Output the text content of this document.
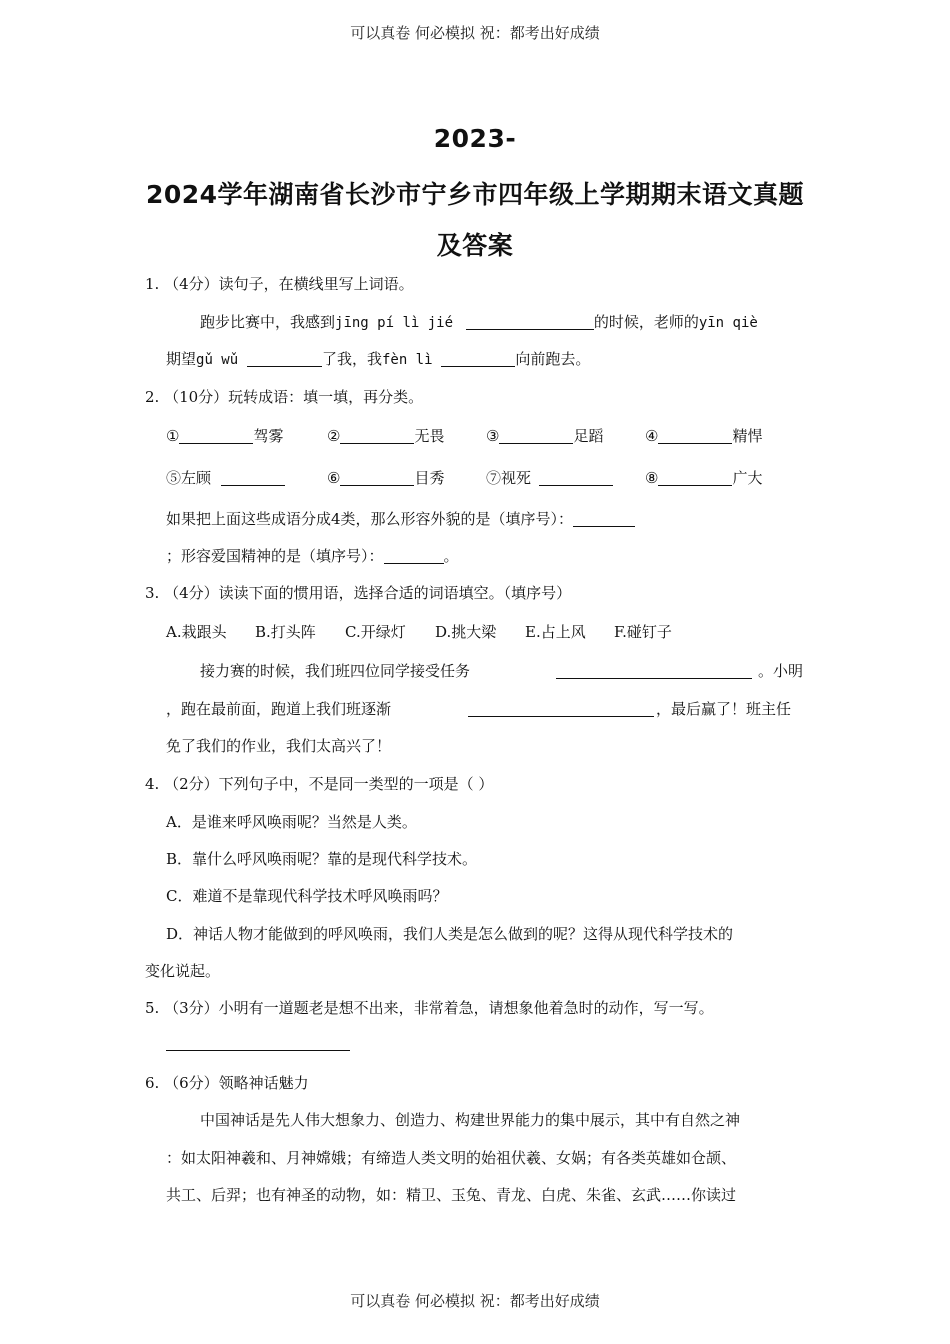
可以真卷 何必模拟 祝：都考出好成绩
可以真卷 何必模拟 祝：都考出好成绩
2023-
2024学年湖南省长沙市宁乡市四年级上学期期末语文真题
及答案
1. （4分）读句子，在横线里写上词语。
跑步比赛中，我感到jīng pí lì jié	的时候，老师的yīn qiè
期望gǔ wǔ	了我，我fèn lì	向前跑去。
2. （10分）玩转成语：填一填，再分类。
①	驾雾	②	无畏	③	足蹈	④	精悍
⑤左顾	⑥	目秀	⑦视死	⑧	广大
如果把上面这些成语分成4类，那么形容外貌的是（填序号）：
；形容爱国精神的是（填序号）：	。
3. （4分）读读下面的惯用语，选择合适的词语填空。（填序号）
A.栽跟头 B.打头阵 C.开绿灯 D.挑大梁 E.占上风 F.碰钉子
接力赛的时候，我们班四位同学接受任务	。小明
，跑在最前面，跑道上我们班逐渐	，最后赢了！班主任
免了我们的作业，我们太高兴了！
4. （2分）下列句子中，不是同一类型的一项是（ ）
A．是谁来呼风唤雨呢？当然是人类。
B．靠什么呼风唤雨呢？靠的是现代科学技术。
C．难道不是靠现代科学技术呼风唤雨吗？
D．神话人物才能做到的呼风唤雨，我们人类是怎么做到的呢？这得从现代科学技术的
变化说起。
5. （3分）小明有一道题老是想不出来，非常着急，请想象他着急时的动作，写一写。
6. （6分）领略神话魅力
中国神话是先人伟大想象力、创造力、构建世界能力的集中展示，其中有自然之神
：如太阳神羲和、月神嫦娥；有缔造人类文明的始祖伏羲、女娲；有各类英雄如仓颉、
共工、后羿；也有神圣的动物，如：精卫、玉兔、青龙、白虎、朱雀、玄武……你读过
